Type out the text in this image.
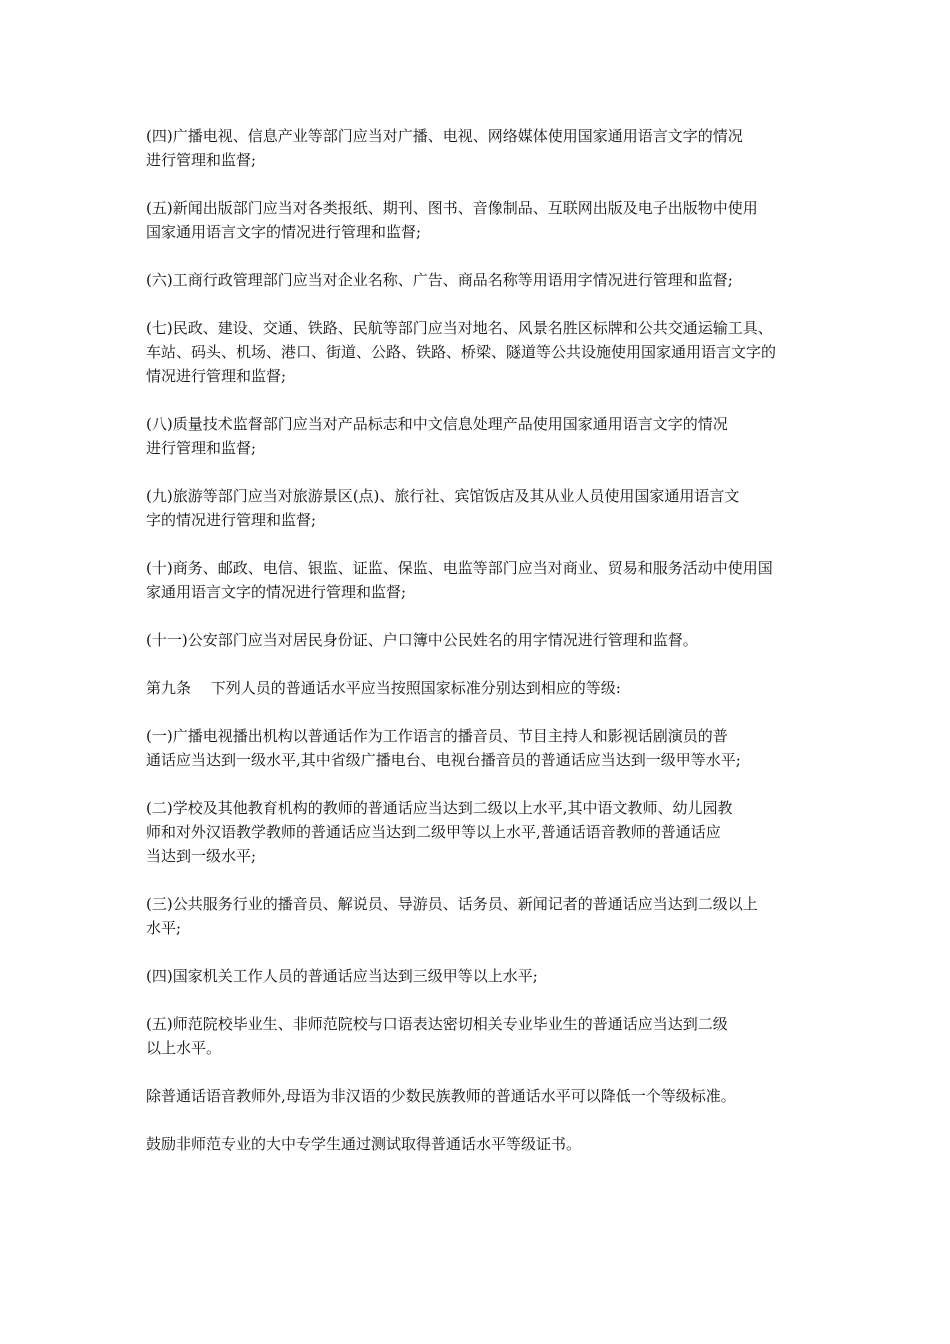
(四)广播电视、信息产业等部门应当对广播、电视、网络媒体使用国家通用语言文字的情况
进行管理和监督;
(五)新闻出版部门应当对各类报纸、期刊、图书、音像制品、互联网出版及电子出版物中使用
国家通用语言文字的情况进行管理和监督;
(六)工商行政管理部门应当对企业名称、广告、商品名称等用语用字情况进行管理和监督;
(七)民政、建设、交通、铁路、民航等部门应当对地名、风景名胜区标牌和公共交通运输工具、
车站、码头、机场、港口、街道、公路、铁路、桥梁、隧道等公共设施使用国家通用语言文字的
情况进行管理和监督;
(八)质量技术监督部门应当对产品标志和中文信息处理产品使用国家通用语言文字的情况
进行管理和监督;
(九)旅游等部门应当对旅游景区(点)、旅行社、宾馆饭店及其从业人员使用国家通用语言文
字的情况进行管理和监督;
(十)商务、邮政、电信、银监、证监、保监、电监等部门应当对商业、贸易和服务活动中使用国
家通用语言文字的情况进行管理和监督;
(十一)公安部门应当对居民身份证、户口簿中公民姓名的用字情况进行管理和监督。
第九条　 下列人员的普通话水平应当按照国家标准分别达到相应的等级:
(一)广播电视播出机构以普通话作为工作语言的播音员、节目主持人和影视话剧演员的普
通话应当达到一级水平,其中省级广播电台、电视台播音员的普通话应当达到一级甲等水平;
(二)学校及其他教育机构的教师的普通话应当达到二级以上水平,其中语文教师、幼儿园教
师和对外汉语教学教师的普通话应当达到二级甲等以上水平,普通话语音教师的普通话应
当达到一级水平;
(三)公共服务行业的播音员、解说员、导游员、话务员、新闻记者的普通话应当达到二级以上
水平;
(四)国家机关工作人员的普通话应当达到三级甲等以上水平;
(五)师范院校毕业生、非师范院校与口语表达密切相关专业毕业生的普通话应当达到二级
以上水平。
除普通话语音教师外,母语为非汉语的少数民族教师的普通话水平可以降低一个等级标准。
鼓励非师范专业的大中专学生通过测试取得普通话水平等级证书。
